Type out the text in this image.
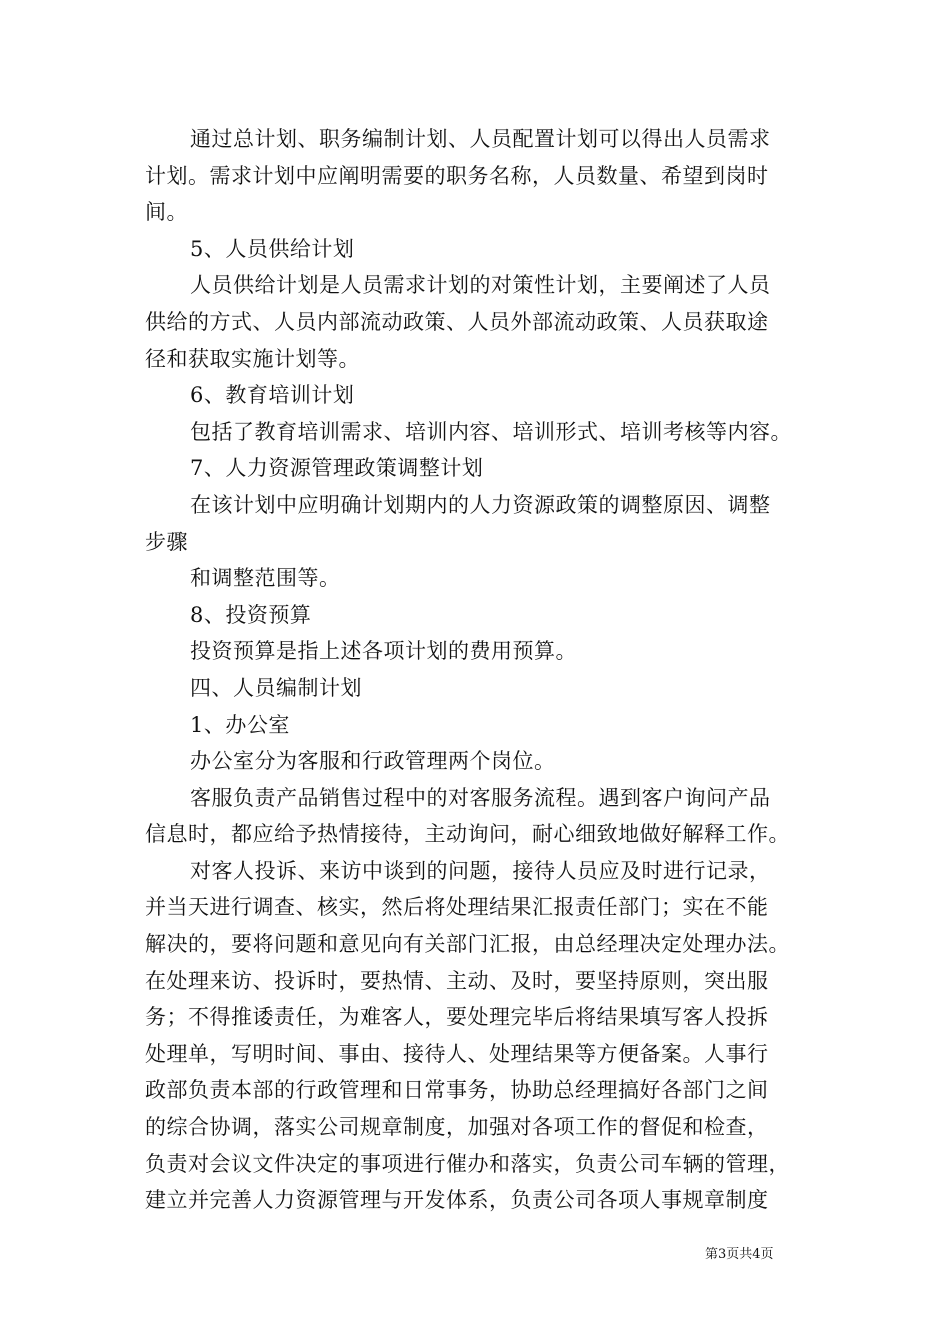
通过总计划、职务编制计划、人员配置计划可以得出人员需求
计划。需求计划中应阐明需要的职务名称，人员数量、希望到岗时
间。
5、人员供给计划
人员供给计划是人员需求计划的对策性计划，主要阐述了人员
供给的方式、人员内部流动政策、人员外部流动政策、人员获取途
径和获取实施计划等。
6、教育培训计划
包括了教育培训需求、培训内容、培训形式、培训考核等内容。
7、人力资源管理政策调整计划
在该计划中应明确计划期内的人力资源政策的调整原因、调整
步骤
和调整范围等。
8、投资预算
投资预算是指上述各项计划的费用预算。
四、人员编制计划
1、办公室
办公室分为客服和行政管理两个岗位。
客服负责产品销售过程中的对客服务流程。遇到客户询问产品
信息时，都应给予热情接待，主动询问，耐心细致地做好解释工作。
对客人投诉、来访中谈到的问题，接待人员应及时进行记录，
并当天进行调查、核实，然后将处理结果汇报责任部门；实在不能
解决的，要将问题和意见向有关部门汇报，由总经理决定处理办法。
在处理来访、投诉时，要热情、主动、及时，要坚持原则，突出服
务；不得推诿责任，为难客人，要处理完毕后将结果填写客人投拆
处理单，写明时间、事由、接待人、处理结果等方便备案。人事行
政部负责本部的行政管理和日常事务，协助总经理搞好各部门之间
的综合协调，落实公司规章制度，加强对各项工作的督促和检查，
负责对会议文件决定的事项进行催办和落实，负责公司车辆的管理，
建立并完善人力资源管理与开发体系，负责公司各项人事规章制度
第3页共4页
